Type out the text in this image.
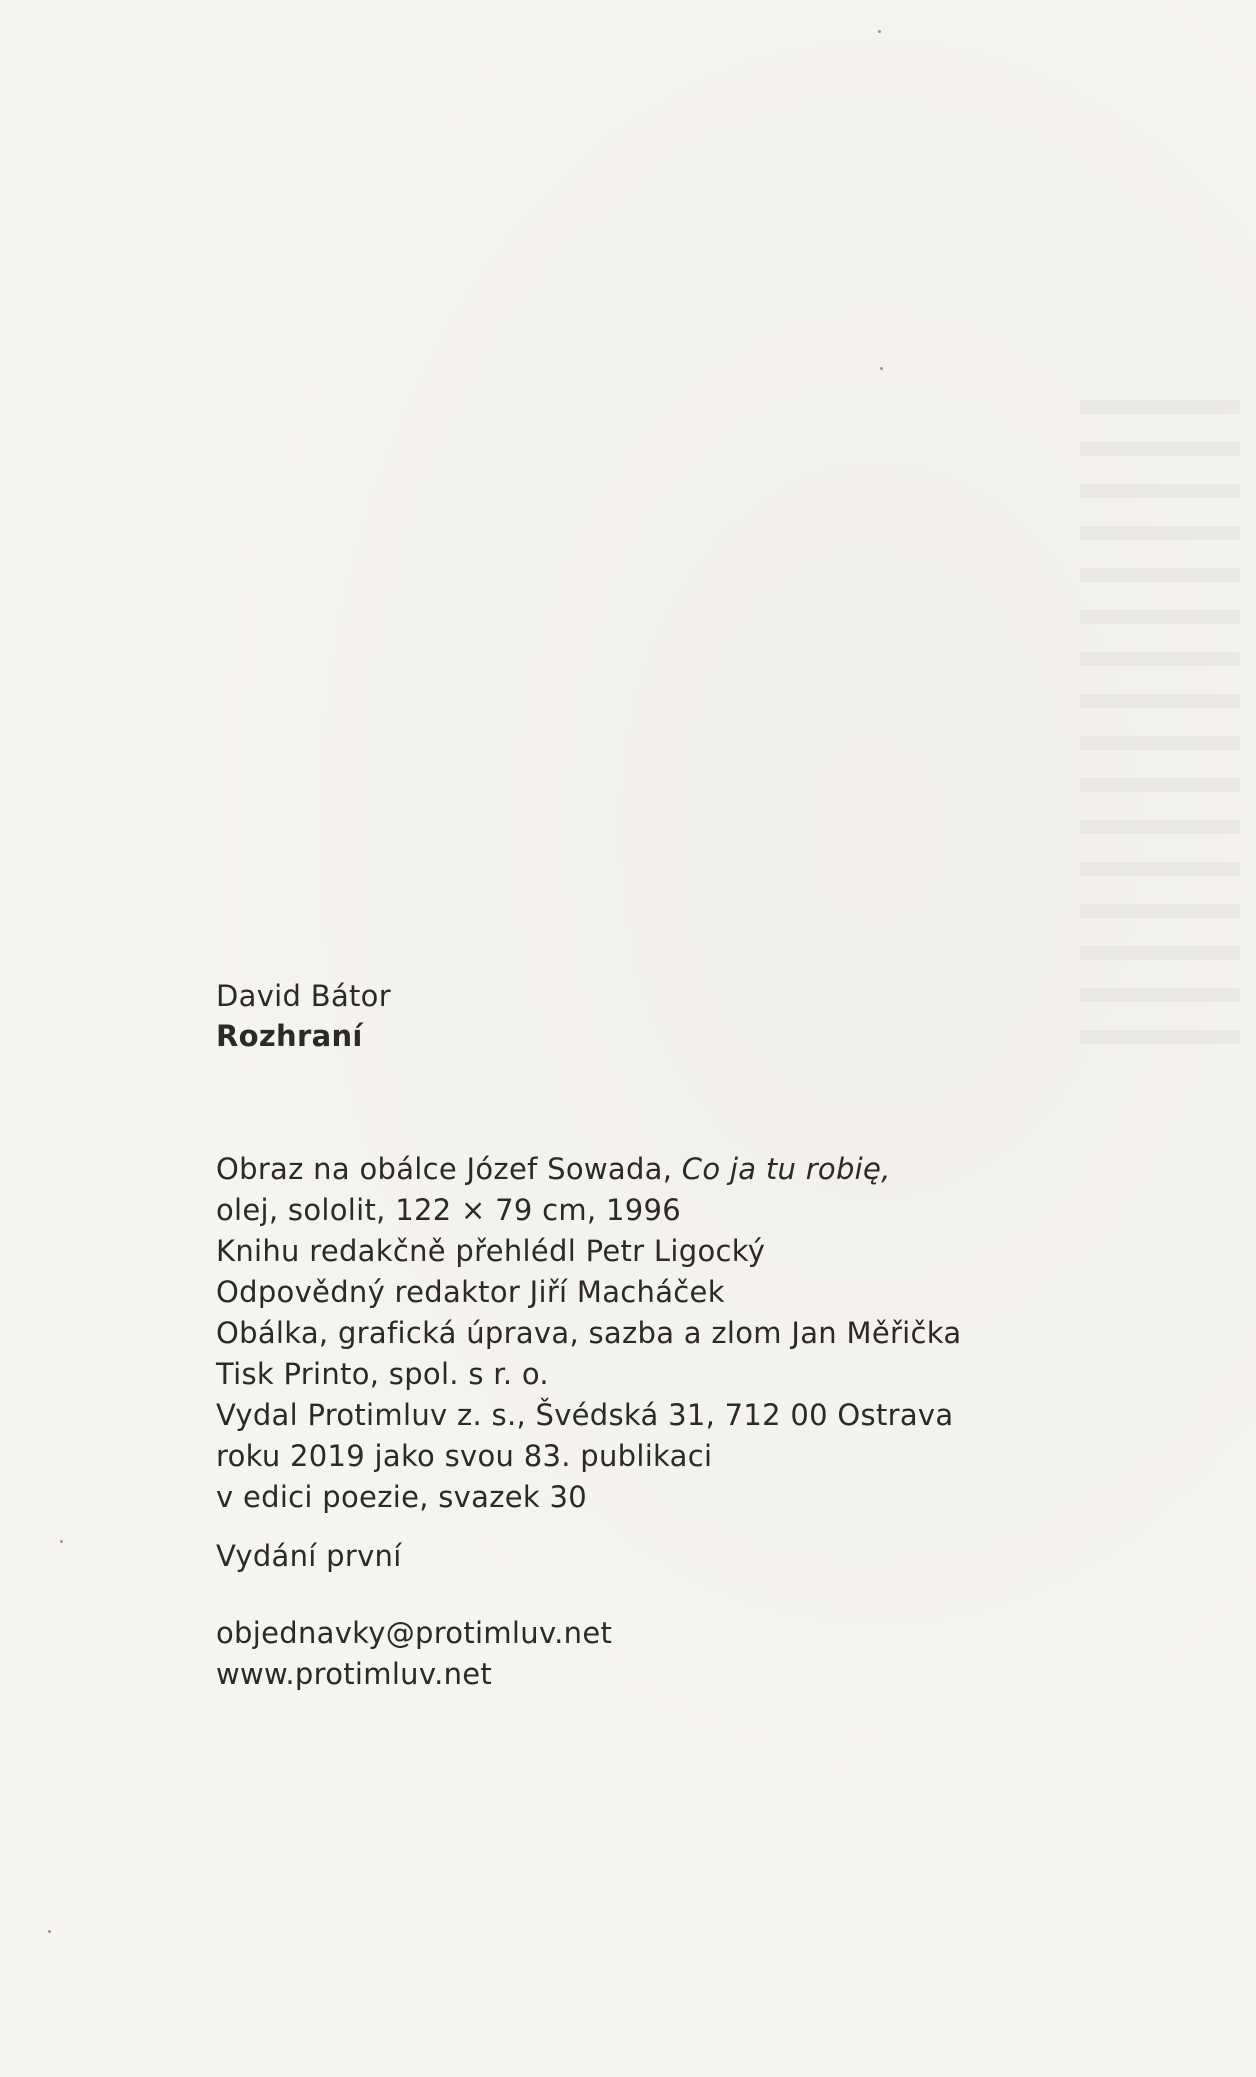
David Bátor
Rozhraní
Obraz na obálce Józef Sowada, Co ja tu robię,
olej, sololit, 122 × 79 cm, 1996
Knihu redakčně přehlédl Petr Ligocký
Odpovědný redaktor Jiří Macháček
Obálka, grafická úprava, sazba a zlom Jan Měřička
Tisk Printo, spol. s r. o.
Vydal Protimluv z. s., Švédská 31, 712 00 Ostrava
roku 2019 jako svou 83. publikaci
v edici poezie, svazek 30
Vydání první
objednavky@protimluv.net
www.protimluv.net
